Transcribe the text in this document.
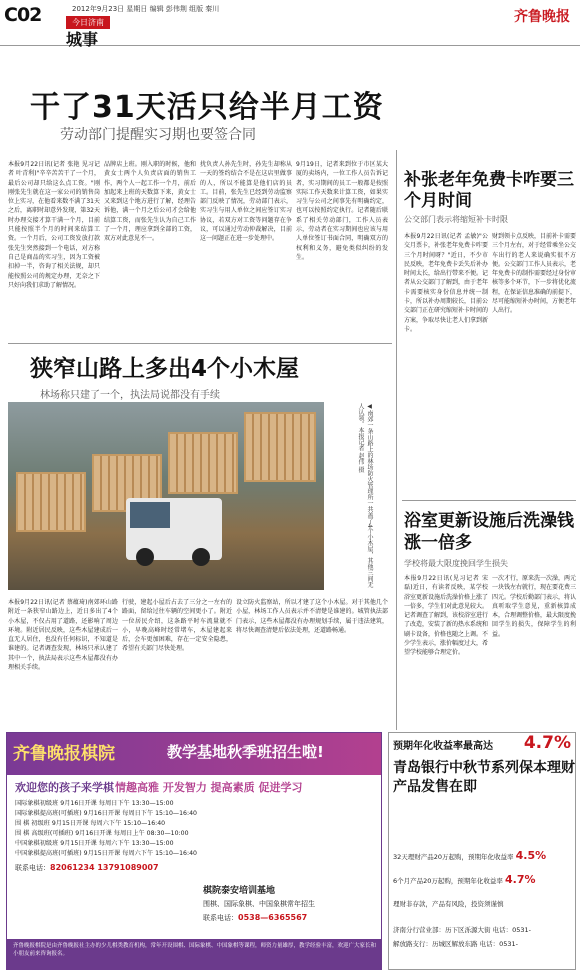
C02	2012年9月23日 星期日 编辑 彭伟荆 组版 秦川
今日济南
城事
齐鲁晚报
干了31天活只给半月工资
劳动部门提醒实习期也要签合同
本报9月22日讯(记者 张艳 见习记者 叶青利)"辛辛苦苦干了一个月，最后公司却只给这么点工资。"刚刚张先生就在这一家公司的销售岗位上实习，在他看来数不满了31天之后，离职时却意外发现，第32天时办理交接才算干满一个月，目前只能按照半个月的时间来结算工资。一个月后，公司工资发放打款张先生突然接到一个电话，对方称自己是商品的实习生，因为工资被扣掉一半，咨询了相关法规，却只能按照公司的规定办理，无奈之下只好向我们求助了解情况。
品牌店上班。刚入职的时候，他和黄女士两个人负责店面的销售工作，两个人一起工作一个月，前后加起来上班的天数算下来，黄女士又来到这个地方进行了解，经理告诉他，满一个月之后公司才会给他结算工资，而张先生认为自己工作了一个月，理应拿到全部的工资，双方对此意见不一。
扰负责人孙先生时，孙先生却称从一天的签约结合不是在这店里做事的人，所以不能算是他们店的员工。目前，张先生已经到劳动监察部门反映了情况，劳动部门表示，实习生与用人单位之间应签订实习协议，若双方对工资等问题存在争议，可以通过劳动仲裁解决，目前这一问题正在进一步处理中。
9月19日，记者来到位于市区某大厦的卖场内，一位工作人员告诉记者，实习期间的员工一般都是按照实际工作天数来计算工资，如果实习生与公司之间事先有明确约定，也可以按照约定执行。记者随后联系了相关劳动部门，工作人员表示，劳动者在实习期间也应该与用人单位签订书面合同，明确双方的权利和义务，避免类似纠纷的发生。
补张老年免费卡咋要三个月时间
公交部门表示将缩短补卡时限
本报9月22日讯(记者 孟敏)"公交月票卡，补张老年免费卡咋要三个月时间呀？"近日，不少市民反映，老年免费卡丢失后补办时间太长，给出行带来不便。记者从公交部门了解到，由于老年卡需要核实身份信息并统一制卡，所以补办周期较长，目前公交部门正在研究缩短补卡时间的方案，争取尽快让老人们拿到新卡。
财到领卡点反映，目前补卡需要三个月左右，对于经常乘坐公交车出行的老人来说确实很不方便。公交部门工作人员表示，老年免费卡的制作需要经过身份审核等多个环节，下一步将优化流程，在保证信息准确的前提下，尽可能缩短补办时间，方便老年人出行。
狭窄山路上多出4个小木屋
林场称只建了一个，执法局说都没有手续
◀南郊一条山路上的林场防火管理所一共盖了4个小木屋，其他三间无人认领。本报记者 赵伟 摄
本报9月22日讯(记者 蔡蕴琦)南郊环山路附近一条狭窄山路边上，近日多出了4个小木屋，不仅占用了道路，还影响了周边环境。附近居民反映，这些木屋建成后一直无人居住，也没有任何标识，不知道是谁建的。记者调查发现，林场只承认建了其中一个，执法局表示这些木屋都没有办理相关手续。
行驶，建起小屋后占去了三分之一左右的路面，留给过往车辆的空间更小了。附近一位居民介绍，这条路平时车流量就不小，早晚高峰时经常堵车，木屋建起来后，会车更加困难，存在一定安全隐患，希望有关部门尽快处理。
设立防火监察站，所以才建了这个小木屋。对于其他几个小屋，林场工作人员表示并不清楚是谁建的。城管执法部门表示，这些木屋都没有办理规划手续，属于违法建筑，将尽快调查清楚后依法处理，还道路畅通。
浴室更新设施后洗澡钱涨一倍多
学校将最大限度挽回学生损失
本报9月22日讯(见习记者 宋磊)近日，有读者反映，某学校浴室更新设施后洗澡价格上涨了一倍多，学生们对此意见较大。记者调查了解到，该校浴室进行了改造，安装了新的热水系统和刷卡设备，价格也随之上调。不少学生表示，涨价幅度过大，希望学校能够合理定价。
一次才行，原来洗一次澡，两元一块钱左右就行，现在要花费三四元。学校后勤部门表示，将认真听取学生意见，重新核算成本，合理调整价格，最大限度挽回学生的损失，保障学生的利益。
齐鲁晚报棋院	教学基地秋季班招生啦!
欢迎您的孩子来学棋 情趣高雅 开发智力 提高素质 促进学习
国际象棋初级班 9月16日开课 每周日下午 13:30—15:00
国际象棋提高班(可插班) 9月16日开课 每周日下午 15:10—16:40
围 棋 初级班 9月15日开课 每周六下午 15:10—16:40
围 棋 高级班(可插班) 9月16日开课 每周日上午 08:30—10:00
中国象棋初级班 9月15日开课 每周六下午 13:30—15:00
中国象棋提高班(可插班) 9月15日开课 每周六下午 15:10—16:40
联系电话：82061234 13791089007
棋院泰安培训基地
围棋、国际象棋、中国象棋常年招生
联系电话：0538—6365567
齐鲁晚报棋院是由齐鲁晚报社主办的少儿棋类教育机构，常年开设围棋、国际象棋、中国象棋等课程，师资力量雄厚，教学经验丰富，欢迎广大家长和小朋友前来咨询报名。
预期年化收益率最高达 4.7%
青岛银行中秋节系列保本理财产品发售在即
32天理财产品20万起购，预期年化收益率 4.5%
6个月产品20万起购，预期年化收益率 4.7%
理财非存款，产品有风险，投资须谨慎
济南分行营业部：历下区泺源大街 电话：0531-
解放路支行：历城区解放东路 电话：0531-
